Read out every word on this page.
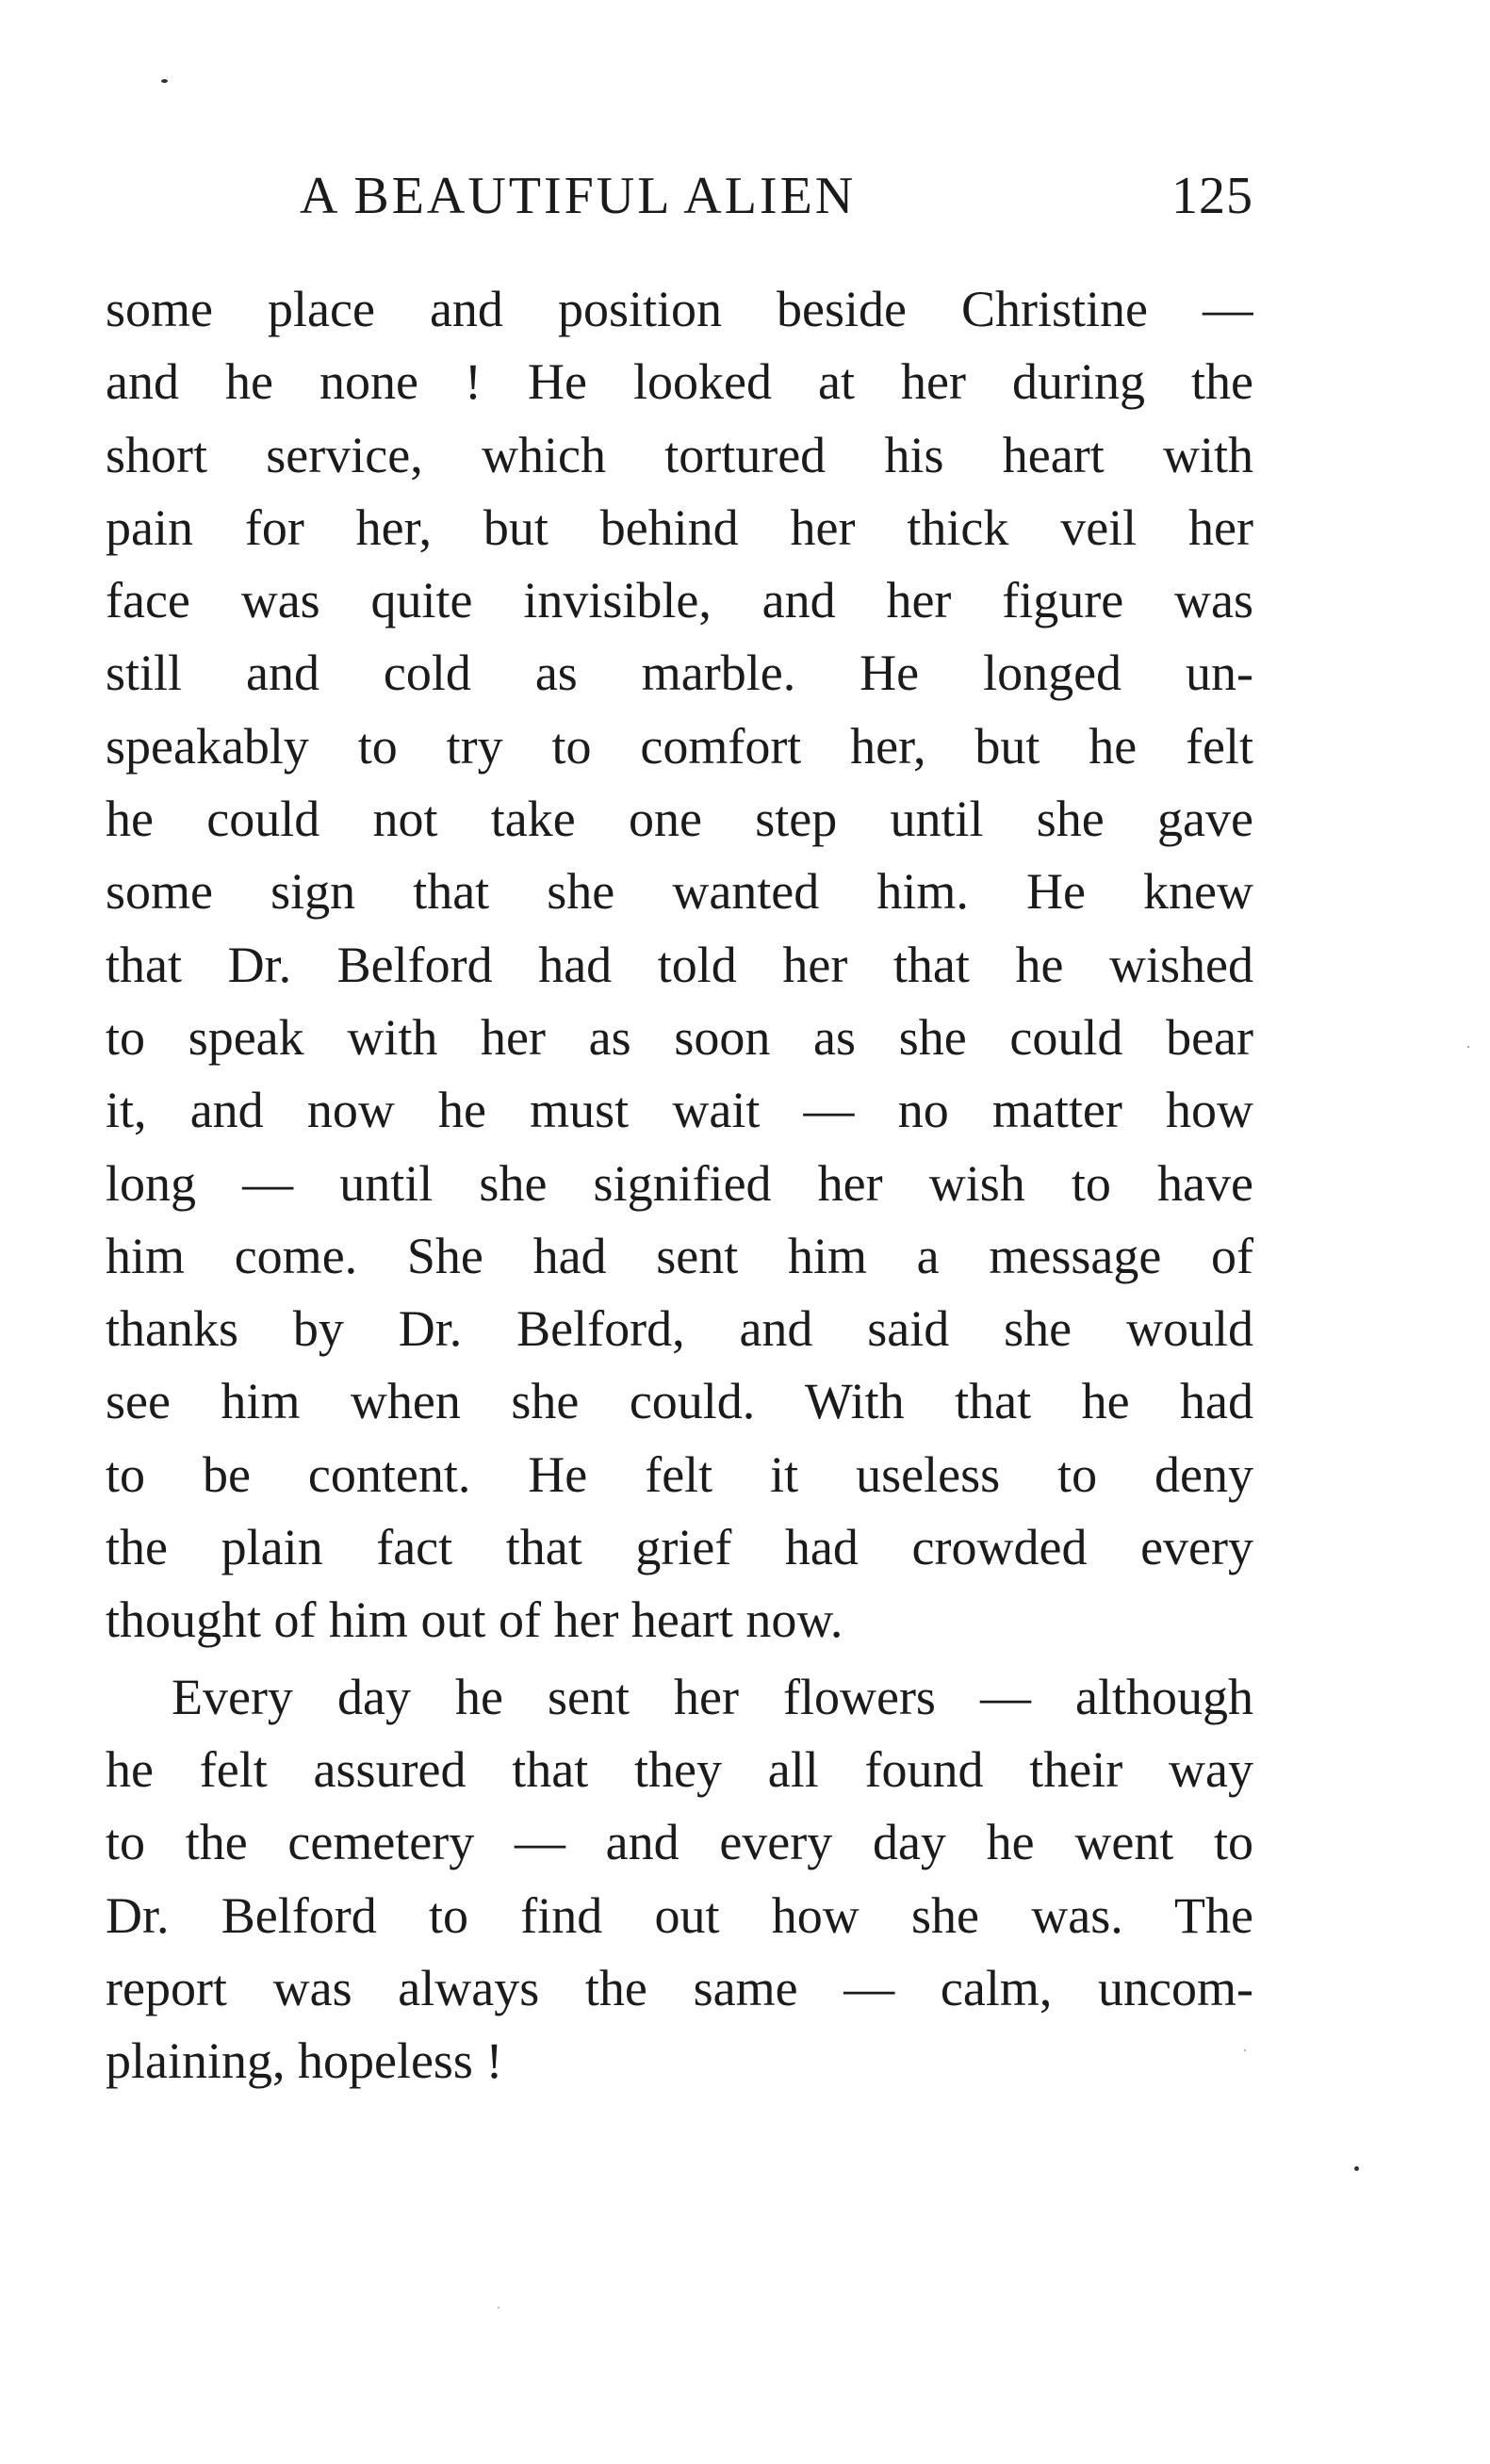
A BEAUTIFUL ALIEN	125

some place and position beside Christine —
and he none ! He looked at her during the
short service, which tortured his heart with
pain for her, but behind her thick veil her
face was quite invisible, and her figure was
still and cold as marble. He longed un-
speakably to try to comfort her, but he felt
he could not take one step until she gave
some sign that she wanted him. He knew
that Dr. Belford had told her that he wished
to speak with her as soon as she could bear
it, and now he must wait — no matter how
long — until she signified her wish to have
him come. She had sent him a message of
thanks by Dr. Belford, and said she would
see him when she could. With that he had
to be content. He felt it useless to deny
the plain fact that grief had crowded every
thought of him out of her heart now.

Every day he sent her flowers — although
he felt assured that they all found their way
to the cemetery — and every day he went to
Dr. Belford to find out how she was. The
report was always the same — calm, uncom-
plaining, hopeless !
